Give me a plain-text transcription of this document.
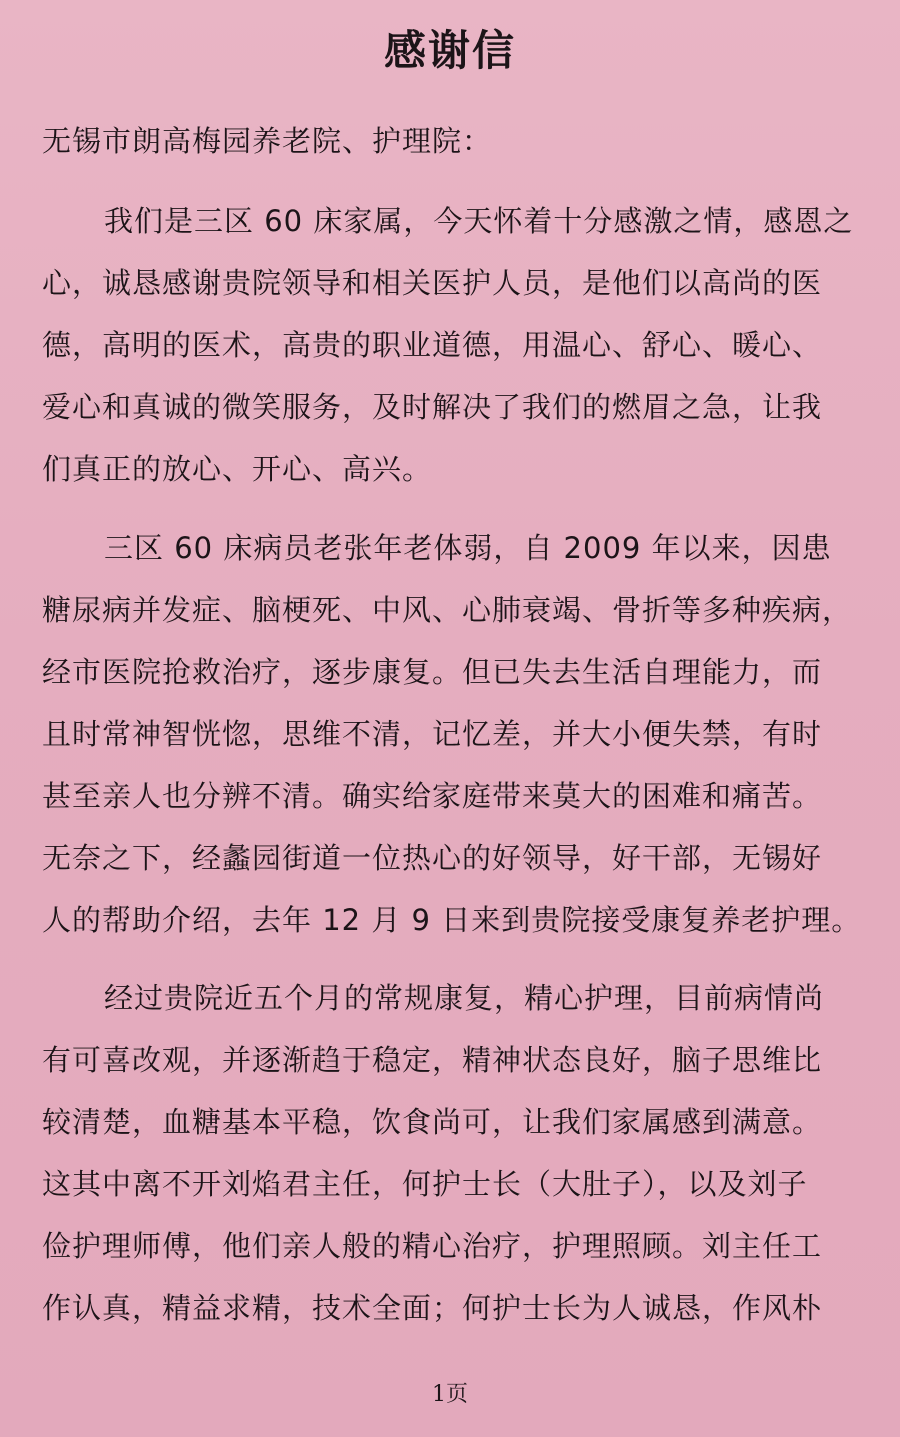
感谢信
无锡市朗高梅园养老院、护理院：
我们是三区 60 床家属，今天怀着十分感激之情，感恩之
心，诚恳感谢贵院领导和相关医护人员，是他们以高尚的医
德，高明的医术，高贵的职业道德，用温心、舒心、暖心、
爱心和真诚的微笑服务，及时解决了我们的燃眉之急，让我
们真正的放心、开心、高兴。
三区 60 床病员老张年老体弱，自 2009 年以来，因患
糖尿病并发症、脑梗死、中风、心肺衰竭、骨折等多种疾病，
经市医院抢救治疗，逐步康复。但已失去生活自理能力，而
且时常神智恍惚，思维不清，记忆差，并大小便失禁，有时
甚至亲人也分辨不清。确实给家庭带来莫大的困难和痛苦。
无奈之下，经蠡园街道一位热心的好领导，好干部，无锡好
人的帮助介绍，去年 12 月 9 日来到贵院接受康复养老护理。
经过贵院近五个月的常规康复，精心护理，目前病情尚
有可喜改观，并逐渐趋于稳定，精神状态良好，脑子思维比
较清楚，血糖基本平稳，饮食尚可，让我们家属感到满意。
这其中离不开刘焰君主任，何护士长（大肚子），以及刘子
俭护理师傅，他们亲人般的精心治疗，护理照顾。刘主任工
作认真，精益求精，技术全面；何护士长为人诚恳，作风朴
1页
